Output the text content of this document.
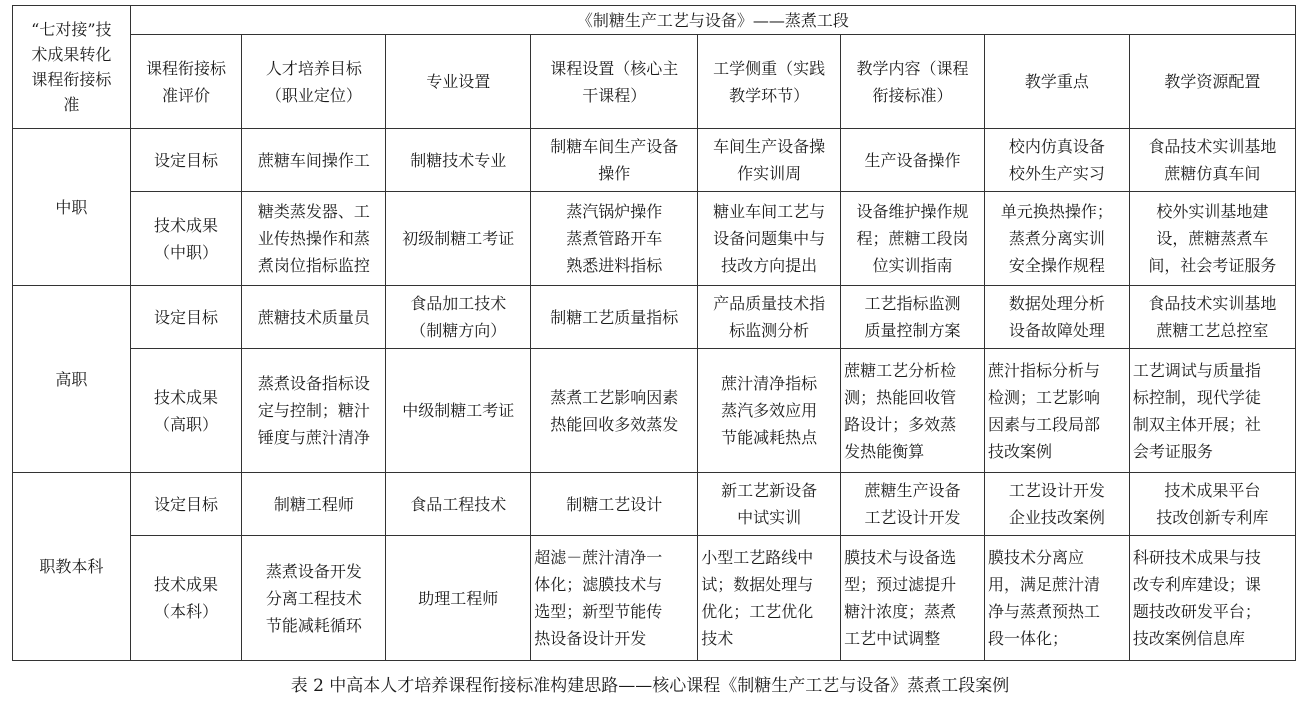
“七对接”技
术成果转化
课程衔接标
准	《制糖生产工艺与设备》——蒸煮工段							

	课程衔接标
准评价	人才培养目标
（职业定位）	专业设置	课程设置（核心主
干课程）	工学侧重（实践
教学环节）	教学内容（课程
衔接标准）	教学重点	教学资源配置

中职	设定目标	蔗糖车间操作工	制糖技术专业	制糖车间生产设备
操作	车间生产设备操
作实训周	生产设备操作	校内仿真设备
校外生产实习	食品技术实训基地
蔗糖仿真车间

	技术成果
（中职）	糖类蒸发器、工
业传热操作和蒸
煮岗位指标监控	初级制糖工考证	蒸汽锅炉操作
蒸煮管路开车
熟悉进料指标	糖业车间工艺与
设备问题集中与
技改方向提出	设备维护操作规
程；蔗糖工段岗
位实训指南	单元换热操作；
蒸煮分离实训
安全操作规程	校外实训基地建
设，蔗糖蒸煮车
间，社会考证服务

高职	设定目标	蔗糖技术质量员	食品加工技术
（制糖方向）	制糖工艺质量指标	产品质量技术指
标监测分析	工艺指标监测
质量控制方案	数据处理分析
设备故障处理	食品技术实训基地
蔗糖工艺总控室

	技术成果
（高职）	蒸煮设备指标设
定与控制；糖汁
锤度与蔗汁清净	中级制糖工考证	蒸煮工艺影响因素
热能回收多效蒸发	蔗汁清净指标
蒸汽多效应用
节能减耗热点	蔗糖工艺分析检
测；热能回收管
路设计；多效蒸
发热能衡算	蔗汁指标分析与
检测；工艺影响
因素与工段局部
技改案例	工艺调试与质量指
标控制，现代学徒
制双主体开展；社
会考证服务

职教本科	设定目标	制糖工程师	食品工程技术	制糖工艺设计	新工艺新设备
中试实训	蔗糖生产设备
工艺设计开发	工艺设计开发
企业技改案例	技术成果平台
技改创新专利库

	技术成果
（本科）	蒸煮设备开发
分离工程技术
节能减耗循环	助理工程师	超滤－蔗汁清净一
体化；滤膜技术与
选型；新型节能传
热设备设计开发	小型工艺路线中
试；数据处理与
优化；工艺优化
技术	膜技术与设备选
型；预过滤提升
糖汁浓度；蒸煮
工艺中试调整	膜技术分离应
用，满足蔗汁清
净与蒸煮预热工
段一体化；	科研技术成果与技
改专利库建设；课
题技改研发平台；
技改案例信息库
表 2 中高本人才培养课程衔接标准构建思路——核心课程《制糖生产工艺与设备》蒸煮工段案例
